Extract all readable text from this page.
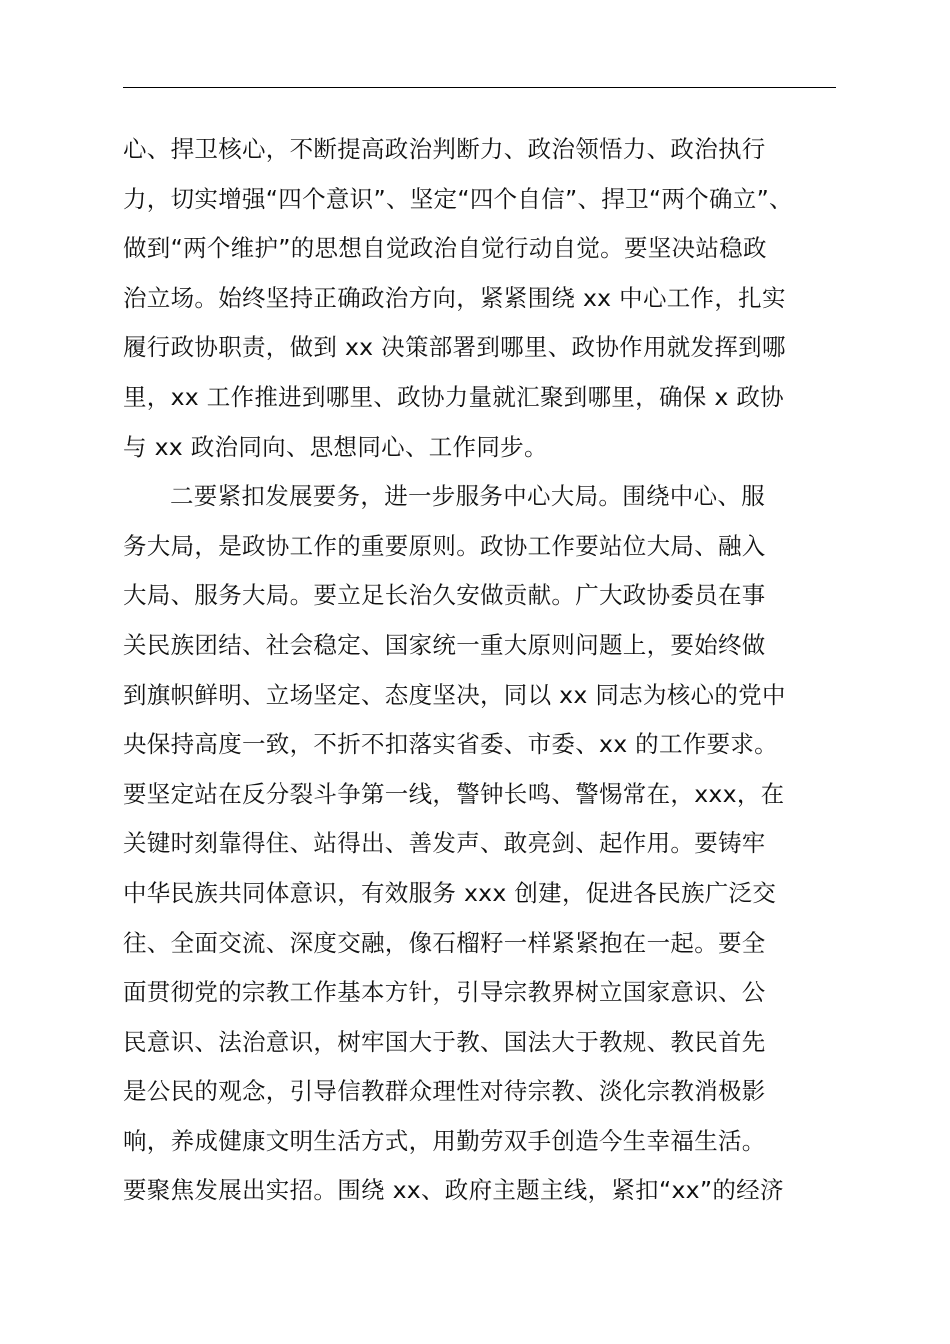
心、捍卫核心，不断提高政治判断力、政治领悟力、政治执行
力，切实增强“四个意识”、坚定“四个自信”、捍卫“两个确立”、
做到“两个维护”的思想自觉政治自觉行动自觉。要坚决站稳政
治立场。始终坚持正确政治方向，紧紧围绕 xx 中心工作，扎实
履行政协职责，做到 xx 决策部署到哪里、政协作用就发挥到哪
里，xx 工作推进到哪里、政协力量就汇聚到哪里，确保 x 政协
与 xx 政治同向、思想同心、工作同步。
二要紧扣发展要务，进一步服务中心大局。围绕中心、服
务大局，是政协工作的重要原则。政协工作要站位大局、融入
大局、服务大局。要立足长治久安做贡献。广大政协委员在事
关民族团结、社会稳定、国家统一重大原则问题上，要始终做
到旗帜鲜明、立场坚定、态度坚决，同以 xx 同志为核心的党中
央保持高度一致，不折不扣落实省委、市委、xx 的工作要求。
要坚定站在反分裂斗争第一线，警钟长鸣、警惕常在，xxx，在
关键时刻靠得住、站得出、善发声、敢亮剑、起作用。要铸牢
中华民族共同体意识，有效服务 xxx 创建，促进各民族广泛交
往、全面交流、深度交融，像石榴籽一样紧紧抱在一起。要全
面贯彻党的宗教工作基本方针，引导宗教界树立国家意识、公
民意识、法治意识，树牢国大于教、国法大于教规、教民首先
是公民的观念，引导信教群众理性对待宗教、淡化宗教消极影
响，养成健康文明生活方式，用勤劳双手创造今生幸福生活。
要聚焦发展出实招。围绕 xx、政府主题主线，紧扣“xx”的经济
